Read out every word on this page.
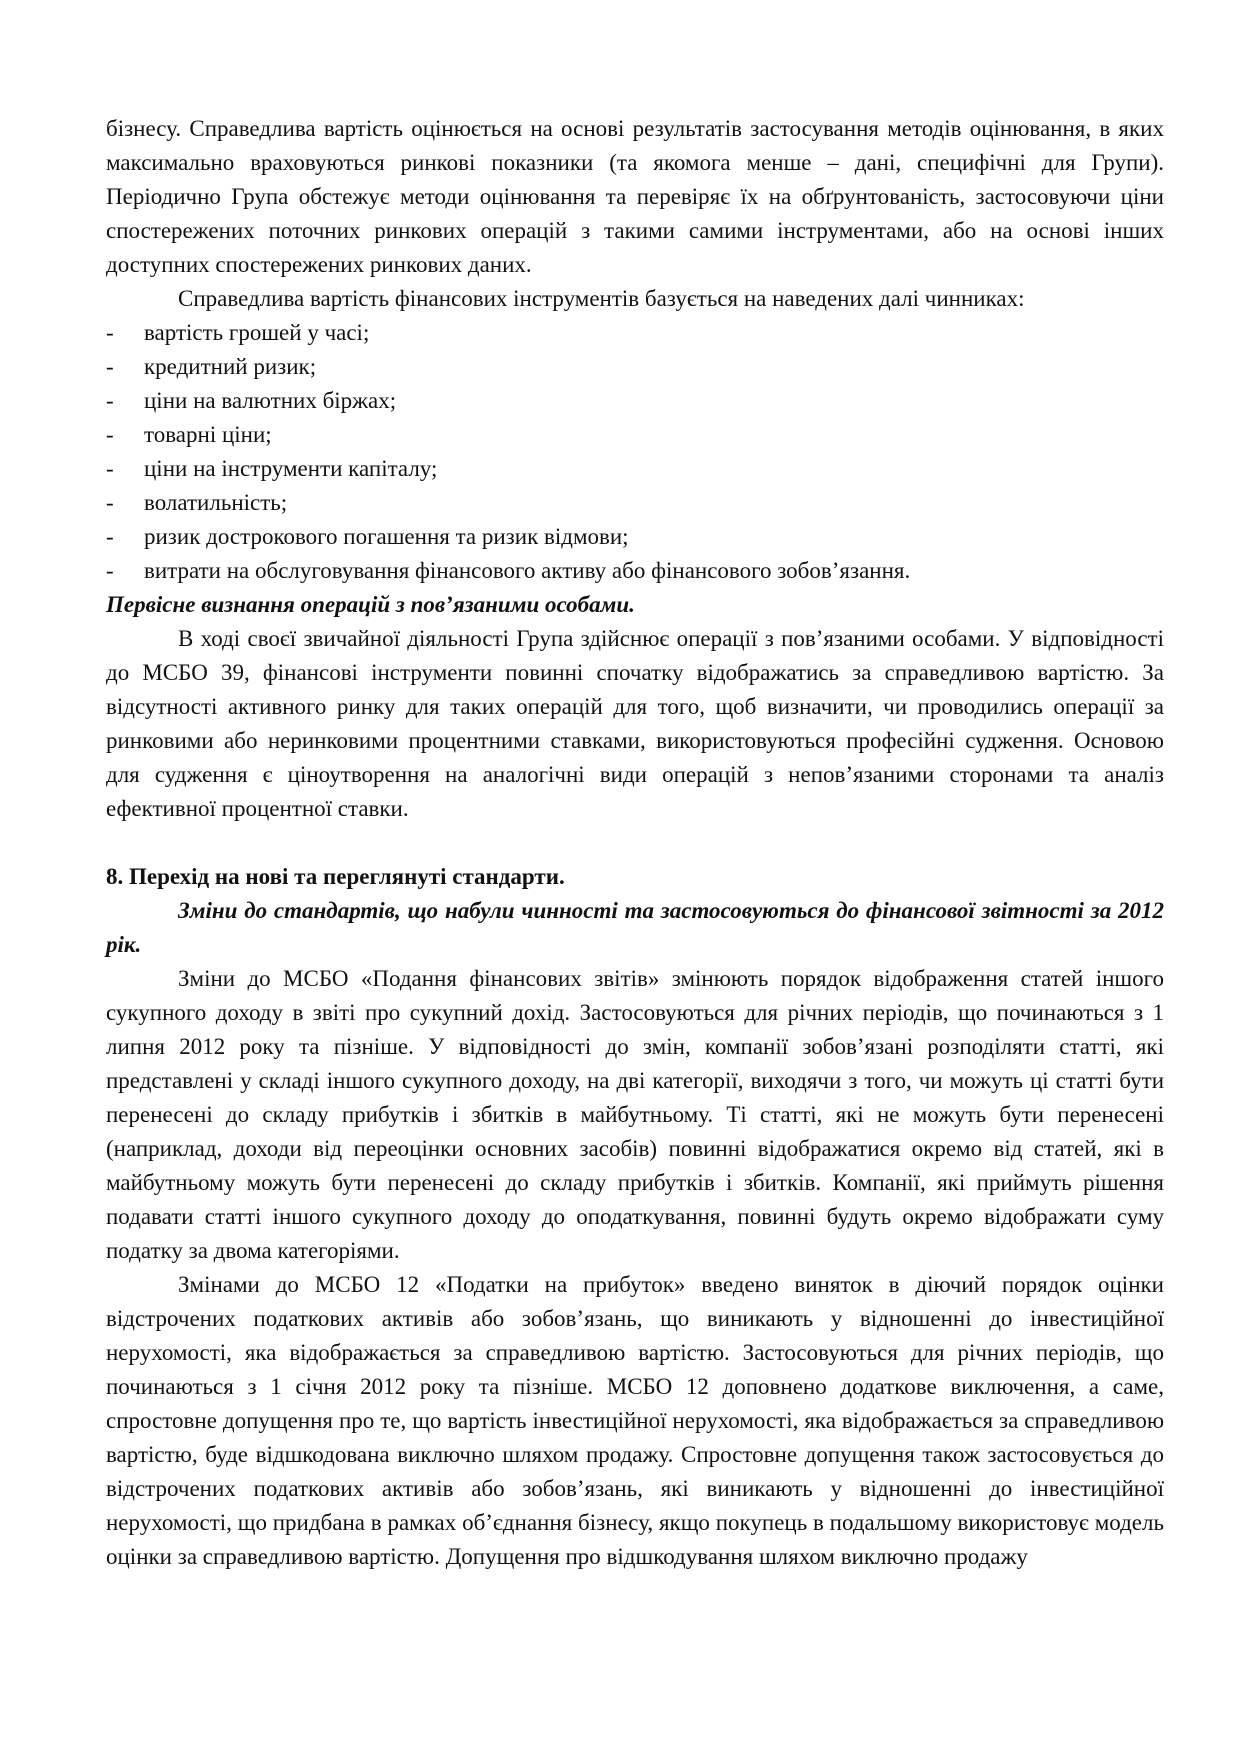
бізнесу. Справедлива вартість оцінюється на основі результатів застосування методів оцінювання, в яких максимально враховуються ринкові показники (та якомога менше – дані, специфічні для Групи). Періодично Група обстежує методи оцінювання та перевіряє їх на обґрунтованість, застосовуючи ціни спостережених поточних ринкових операцій з такими самими інструментами, або на основі інших доступних спостережених ринкових даних.

Справедлива вартість фінансових інструментів базується на наведених далі чинниках:

-	вартість грошей у часі;
-	кредитний ризик;
-	ціни на валютних біржах;
-	товарні ціни;
-	ціни на інструменти капіталу;
-	волатильність;
-	ризик дострокового погашення та ризик відмови;
-	витрати на обслуговування фінансового активу або фінансового зобов’язання.

Первісне визнання операцій з пов’язаними особами.

В ході своєї звичайної діяльності Група здійснює операції з пов’язаними особами. У відповідності до МСБО 39, фінансові інструменти повинні спочатку відображатись за справедливою вартістю. За відсутності активного ринку для таких операцій для того, щоб визначити, чи проводились операції за ринковими або неринковими процентними ставками, використовуються професійні судження. Основою для судження є ціноутворення на аналогічні види операцій з непов’язаними сторонами та аналіз ефективної процентної ставки.

8. Перехід на нові та переглянуті стандарти.

Зміни до стандартів, що набули чинності та застосовуються до фінансової звітності за 2012 рік.

Зміни до МСБО «Подання фінансових звітів» змінюють порядок відображення статей іншого сукупного доходу в звіті про сукупний дохід. Застосовуються для річних періодів, що починаються з 1 липня 2012 року та пізніше. У відповідності до змін, компанії зобов’язані розподіляти статті, які представлені у складі іншого сукупного доходу, на дві категорії, виходячи з того, чи можуть ці статті бути перенесені до складу прибутків і збитків в майбутньому. Ті статті, які не можуть бути перенесені (наприклад, доходи від переоцінки основних засобів) повинні відображатися окремо від статей, які в майбутньому можуть бути перенесені до складу прибутків і збитків. Компанії, які приймуть рішення подавати статті іншого сукупного доходу до оподаткування, повинні будуть окремо відображати суму податку за двома категоріями.

Змінами до МСБО 12 «Податки на прибуток» введено виняток в діючий порядок оцінки відстрочених податкових активів або зобов’язань, що виникають у відношенні до інвестиційної нерухомості, яка відображається за справедливою вартістю. Застосовуються для річних періодів, що починаються з 1 січня 2012 року та пізніше. МСБО 12 доповнено додаткове виключення, а саме, спростовне допущення про те, що вартість інвестиційної нерухомості, яка відображається за справедливою вартістю, буде відшкодована виключно шляхом продажу. Спростовне допущення також застосовується до відстрочених податкових активів або зобов’язань, які виникають у відношенні до інвестиційної нерухомості, що придбана в рамках об’єднання бізнесу, якщо покупець в подальшому використовує модель оцінки за справедливою вартістю. Допущення про відшкодування шляхом виключно продажу
